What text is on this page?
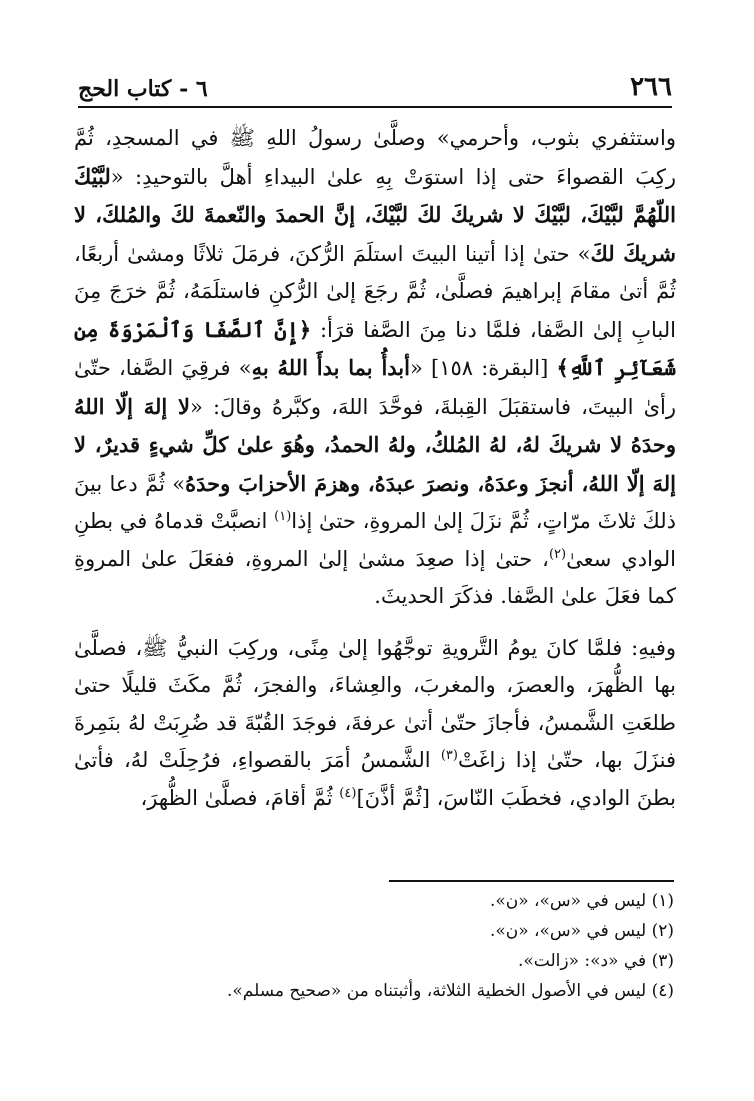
٢٦٦
٦ - كتاب الحج

واستثفري بثوب، وأحرمي» وصلَّىٰ رسولُ اللهِ ﷺ في المسجدِ، ثُمَّ ركِبَ القصواءَ حتى إذا استوَتْ بِهِ علىٰ البيداءِ أهلَّ بالتوحيدِ: «لبَّيْكَ اللّهُمَّ لبَّيْكَ، لبَّيْكَ لا شريكَ لكَ لبَّيْكَ، إنَّ الحمدَ والنّعمةَ لكَ والمُلكَ، لا شريكَ لكَ» حتىٰ إذا أتينا البيتَ استلَمَ الرُّكنَ، فرمَلَ ثلاثًا ومشىٰ أربعًا، ثُمَّ أتىٰ مقامَ إبراهيمَ فصلَّىٰ، ثُمَّ رجَعَ إلىٰ الرُّكنِ فاستلَمَهُ، ثُمَّ خرَجَ مِنَ البابِ إلىٰ الصَّفا، فلمَّا دنا مِنَ الصَّفا قرَأ: ﴿إِنَّ ٱلصَّفَا وَٱلْمَرْوَةَ مِن شَعَآئِرِ ٱللَّهِ﴾ [البقرة: ١٥٨] «أبدأُ بما بدأَ اللهُ بهِ» فرقِيَ الصَّفا، حتّىٰ رأىٰ البيتَ، فاستقبَلَ القِبلةَ، فوحَّدَ اللهَ، وكبَّرهُ وقالَ: «لا إلهَ إلّا اللهُ وحدَهُ لا شريكَ لهُ، لهُ المُلكُ، ولهُ الحمدُ، وهُوَ علىٰ كلِّ شيءٍ قديرٌ، لا إلهَ إلّا اللهُ، أنجزَ وعدَهُ، ونصرَ عبدَهُ، وهزمَ الأحزابَ وحدَهُ» ثُمَّ دعا بينَ ذلكَ ثلاثَ مرّاتٍ، ثُمَّ نزَلَ إلىٰ المروةِ، حتىٰ إذا$^{(١)}$ انصبَّتْ قدماهُ في بطنِ الوادي سعىٰ$^{(٢)}$، حتىٰ إذا صعِدَ مشىٰ إلىٰ المروةِ، ففعَلَ علىٰ المروةِ كما فعَلَ علىٰ الصَّفا. فذكَرَ الحديثَ.

وفيهِ: فلمَّا كانَ يومُ التَّرويةِ توجَّهُوا إلىٰ مِنًى، وركِبَ النبيُّ ﷺ، فصلَّىٰ بها الظُّهرَ، والعصرَ، والمغربَ، والعِشاءَ، والفجرَ، ثُمَّ مكَثَ قليلًا حتىٰ طلعَتِ الشَّمسُ، فأجازَ حتّىٰ أتىٰ عرفةَ، فوجَدَ القُبّةَ قد ضُرِبَتْ لهُ بنَمِرةَ فنزَلَ بها، حتّىٰ إذا زاغَتْ$^{(٣)}$ الشَّمسُ أمَرَ بالقصواءِ، فرُحِلَتْ لهُ، فأتىٰ بطنَ الوادي، فخطَبَ النّاسَ، [ثُمَّ أذَّنَ]$^{(٤)}$ ثُمَّ أقامَ، فصلَّىٰ الظُّهرَ،

(١) ليس في «س»، «ن».

(٢) ليس في «س»، «ن».

(٣) في «د»: «زالت».

(٤) ليس في الأصول الخطية الثلاثة، وأثبتناه من «صحيح مسلم».
